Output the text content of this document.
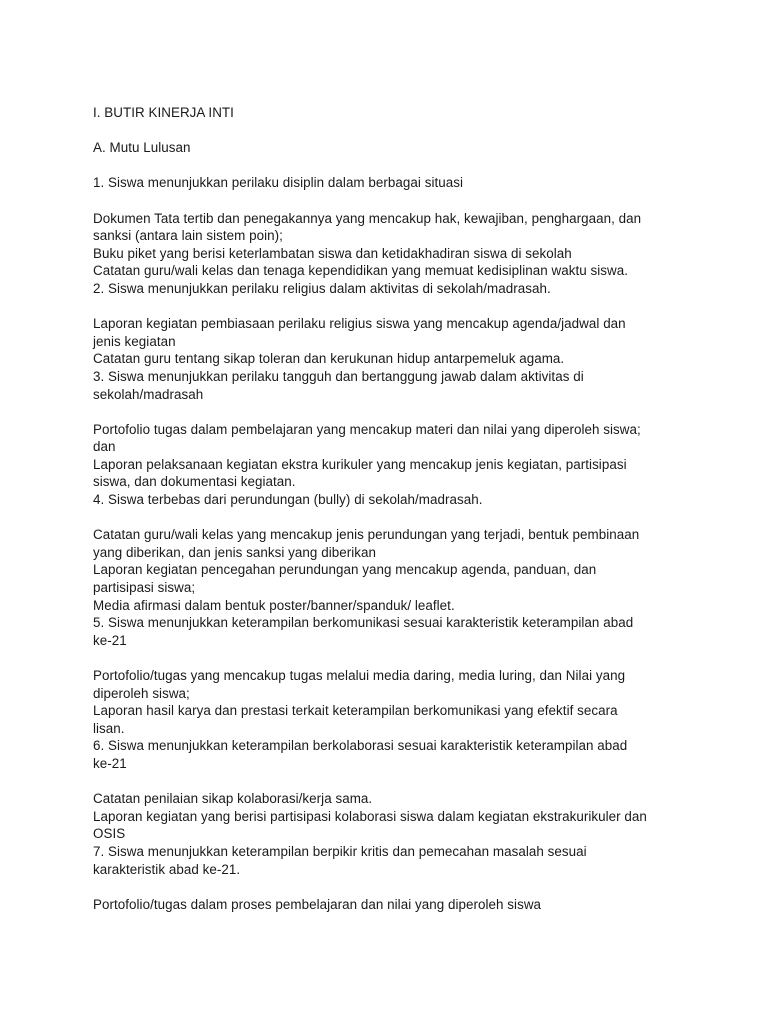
I. BUTIR KINERJA INTI
A. Mutu Lulusan
1. Siswa menunjukkan perilaku disiplin dalam berbagai situasi
Dokumen Tata tertib dan penegakannya yang mencakup hak, kewajiban, penghargaan, dan
sanksi (antara lain sistem poin);
Buku piket yang berisi keterlambatan siswa dan ketidakhadiran siswa di sekolah
Catatan guru/wali kelas dan tenaga kependidikan yang memuat kedisiplinan waktu siswa.
2. Siswa menunjukkan perilaku religius dalam aktivitas di sekolah/madrasah.
Laporan kegiatan pembiasaan perilaku religius siswa yang mencakup agenda/jadwal dan
jenis kegiatan
Catatan guru tentang sikap toleran dan kerukunan hidup antarpemeluk agama.
3. Siswa menunjukkan perilaku tangguh dan bertanggung jawab dalam aktivitas di
sekolah/madrasah
Portofolio tugas dalam pembelajaran yang mencakup materi dan nilai yang diperoleh siswa;
dan
Laporan pelaksanaan kegiatan ekstra kurikuler yang mencakup jenis kegiatan, partisipasi
siswa, dan dokumentasi kegiatan.
4. Siswa terbebas dari perundungan (bully) di sekolah/madrasah.
Catatan guru/wali kelas yang mencakup jenis perundungan yang terjadi, bentuk pembinaan
yang diberikan, dan jenis sanksi yang diberikan
Laporan kegiatan pencegahan perundungan yang mencakup agenda, panduan, dan
partisipasi siswa;
Media afirmasi dalam bentuk poster/banner/spanduk/ leaflet.
5. Siswa menunjukkan keterampilan berkomunikasi sesuai karakteristik keterampilan abad
ke-21
Portofolio/tugas yang mencakup tugas melalui media daring, media luring, dan Nilai yang
diperoleh siswa;
Laporan hasil karya dan prestasi terkait keterampilan berkomunikasi yang efektif secara
lisan.
6. Siswa menunjukkan keterampilan berkolaborasi sesuai karakteristik keterampilan abad
ke-21
Catatan penilaian sikap kolaborasi/kerja sama.
Laporan kegiatan yang berisi partisipasi kolaborasi siswa dalam kegiatan ekstrakurikuler dan
OSIS
7. Siswa menunjukkan keterampilan berpikir kritis dan pemecahan masalah sesuai
karakteristik abad ke-21.
Portofolio/tugas dalam proses pembelajaran dan nilai yang diperoleh siswa
